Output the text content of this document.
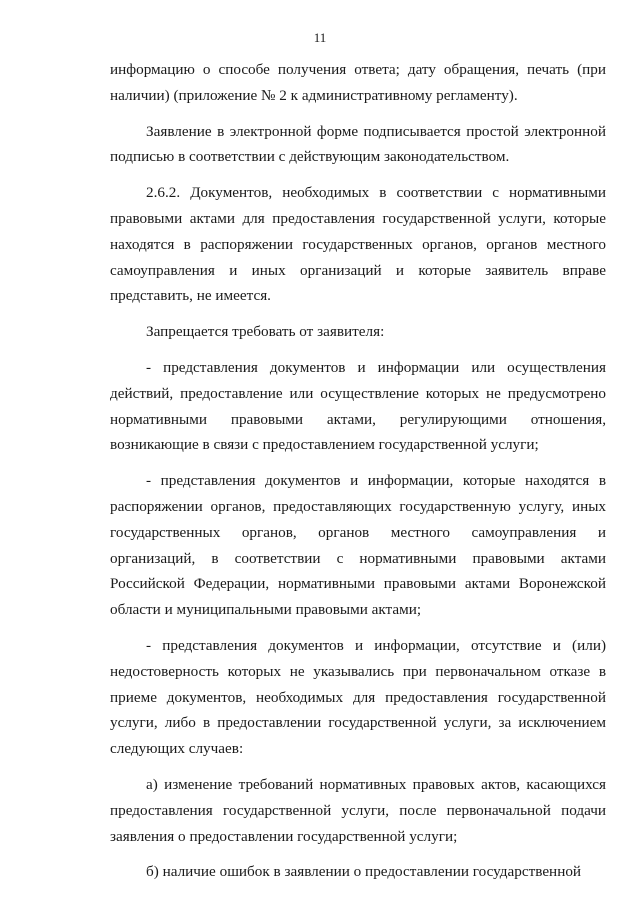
11

информацию о способе получения ответа; дату обращения, печать (при наличии) (приложение № 2 к административному регламенту).

Заявление в электронной форме подписывается простой электронной подписью в соответствии с действующим законодательством.

2.6.2. Документов, необходимых в соответствии с нормативными правовыми актами для предоставления государственной услуги, которые находятся в распоряжении государственных органов, органов местного самоуправления и иных организаций и которые заявитель вправе представить, не имеется.

Запрещается требовать от заявителя:

- представления документов и информации или осуществления действий, предоставление или осуществление которых не предусмотрено нормативными правовыми актами, регулирующими отношения, возникающие в связи с предоставлением государственной услуги;

- представления документов и информации, которые находятся в распоряжении органов, предоставляющих государственную услугу, иных государственных органов, органов местного самоуправления и организаций, в соответствии с нормативными правовыми актами Российской Федерации, нормативными правовыми актами Воронежской области и муниципальными правовыми актами;

- представления документов и информации, отсутствие и (или) недостоверность которых не указывались при первоначальном отказе в приеме документов, необходимых для предоставления государственной услуги, либо в предоставлении государственной услуги, за исключением следующих случаев:

а) изменение требований нормативных правовых актов, касающихся предоставления государственной услуги, после первоначальной подачи заявления о предоставлении государственной услуги;

б) наличие ошибок в заявлении о предоставлении государственной
